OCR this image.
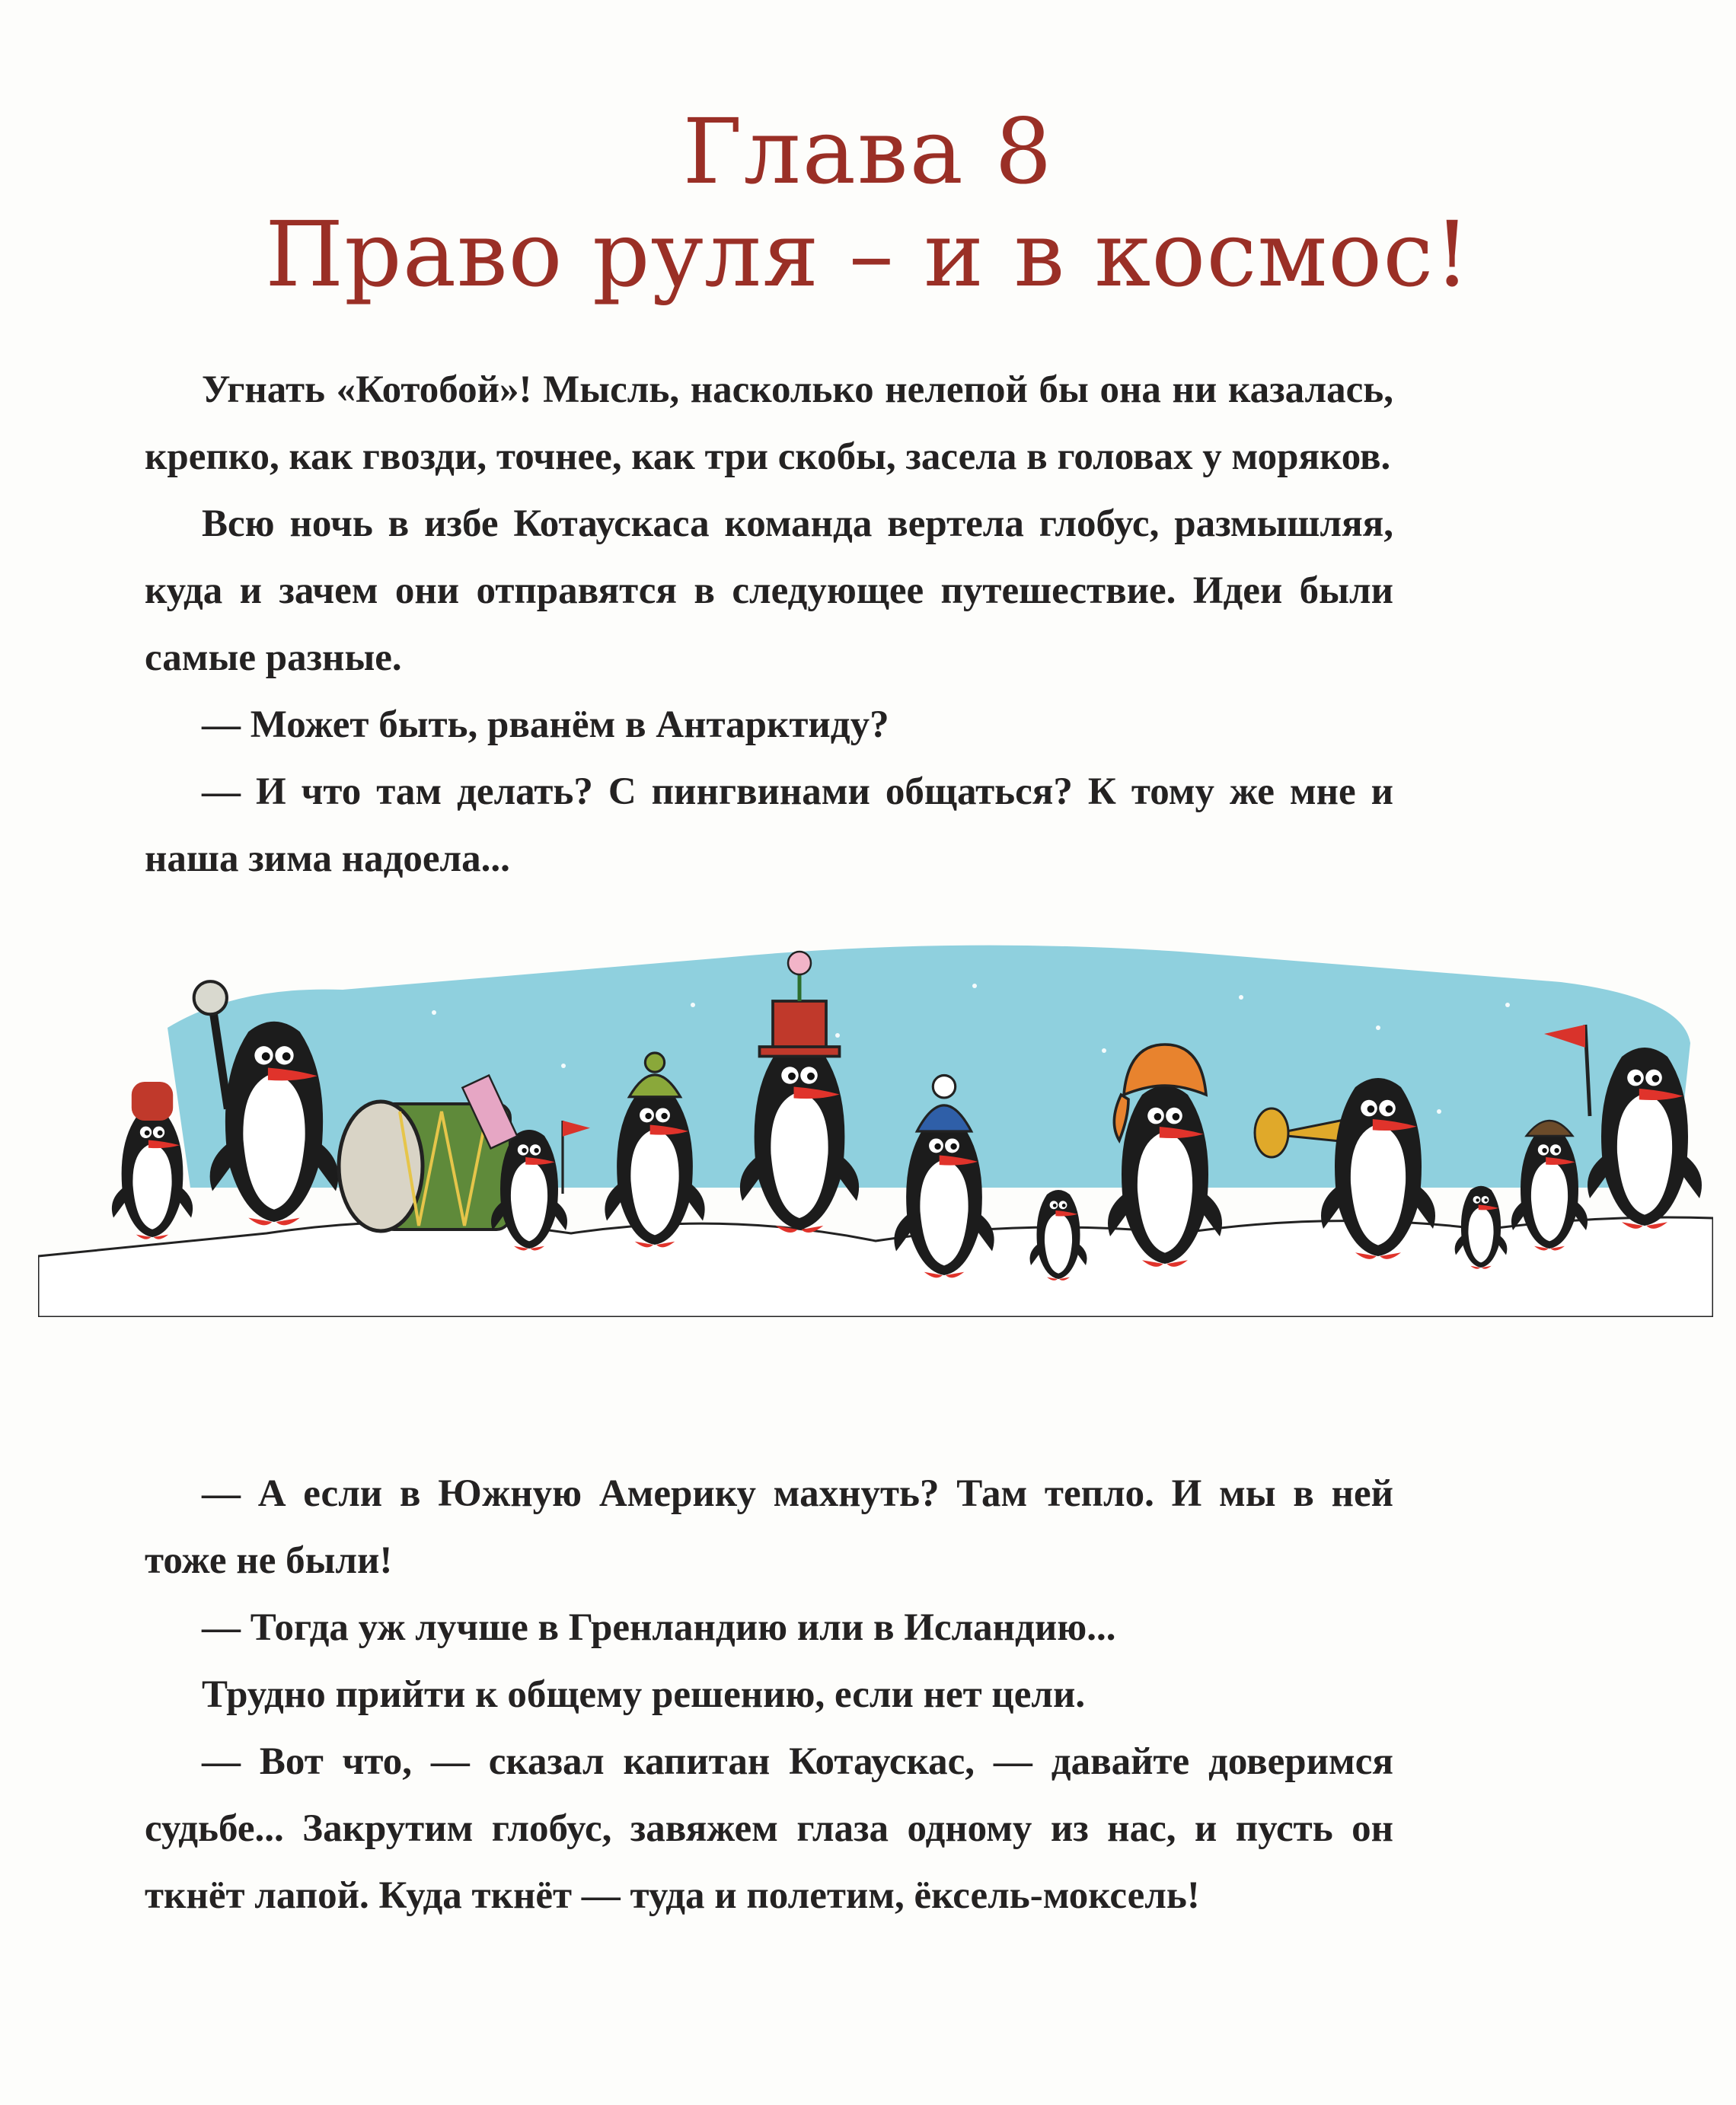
Глава 8
Право руля – и в космос!

Угнать «Котобой»! Мысль, насколько нелепой бы она ни казалась, крепко, как гвозди, точнее, как три скобы, засела в головах у моряков.

Всю ночь в избе Котаускаса команда вертела глобус, размышляя, куда и зачем они отправятся в следующее путешествие. Идеи были самые разные.

— Может быть, рванём в Антарктиду?

— И что там делать? С пингвинами общаться? К тому же мне и наша зима надоела...

— А если в Южную Америку махнуть? Там тепло. И мы в ней тоже не были!

— Тогда уж лучше в Гренландию или в Исландию...

Трудно прийти к общему решению, если нет цели.

— Вот что, — сказал капитан Котаускас, — давайте доверимся судьбе... Закрутим глобус, завяжем глаза одному из нас, и пусть он ткнёт лапой. Куда ткнёт — туда и полетим, ёксель-моксель!
